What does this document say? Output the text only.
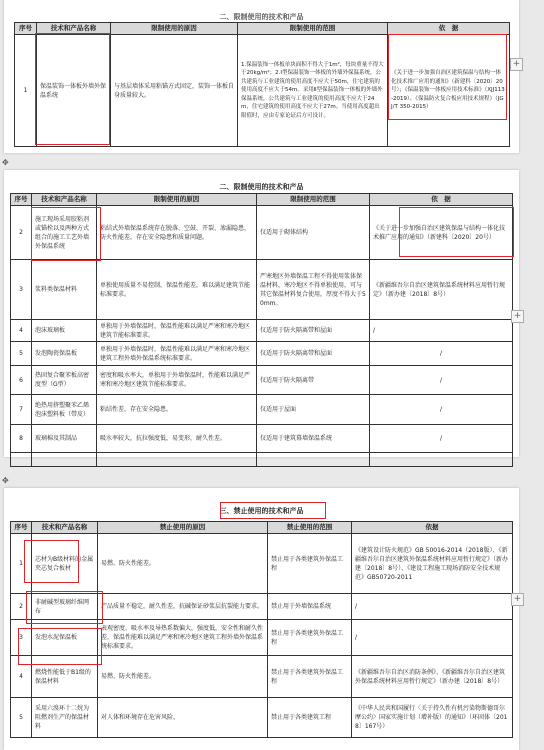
二、限制使用的技术和产品
序号	技术和产品名称	限制使用的原因	限制使用的范围	依　据
1	保温装饰一体板外墙外保温系统	与基层墙体采用粘锚方式固定，装饰一体板自身质量较大。	1.保温装饰一体板单块面积不得大于1m²，每块重量不得大于20kg/m²；2.Ⅰ型保温装饰一体板的外墙外保温系统，公共建筑与工业建筑的使用高度不应大于50m，住宅建筑的使用高度不应大于54m。采用Ⅱ型保温装饰一体板的外墙外保温系统，公共建筑与工业建筑的使用高度不应大于24m，住宅建筑的使用高度不应大于27m。当使用高度超出限值时，应由专家论证后方可设计。	《关于进一步加强自治区建筑保温与结构一体化技术推广应用的通知》（新建科〔2020〕20号）；《保温装饰一体板应用技术标准》（XJJ113-2019）、《保温防火复合板应用技术规程》（JGJ/T 350-2015）
+
✥
二、限制使用的技术和产品
序号	技术和产品名称	限制使用的原因	限制使用的范围	依　据
2	施工现场采用胶粘剂或锚栓以及两种方式组合的施工工艺外墙外保温系统	粘结式外墙保温系统存在脱落、空鼓、开裂、渗漏隐患，防火性能差，存在安全隐患和质量问题。	仅适用于砌体结构	《关于进一步加强自治区建筑保温与结构一体化技术推广应用的通知》（新建科〔2020〕20号）
3	浆料类保温材料	单独使用质量不易控制，保温性能差，难以满足建筑节能标准要求。	严寒地区外墙保温工程不得使用浆体保温材料，寒冷地区不得单独使用，可与其它保温材料复合使用，厚度不得大于50mm。	《新疆维吾尔自治区建筑保温系统材料应用暂行规定》（新办建〔2018〕8号）
4	泡沫玻璃板	单独用于外墙保温时，保温性能难以满足严寒和寒冷地区建筑节能标准要求。	仅适用于防火隔离带和屋面	/
5	发泡陶瓷保温板	单独用于外墙保温时，保温性能难以满足严寒和寒冷地区建筑工程外墙外保温系统标准要求。	仅适用于防火隔离带和屋面	/
6	热固复合聚苯板高密度型（G型）	密度和吸水率大，单独用于外墙保温时，性能难以满足严寒和寒冷地区建筑节能标准要求。	仅适用于防火隔离带	/
7	绝热用挤塑聚苯乙烯泡沫塑料板（带皮）	粘结性差，存在安全隐患。	仅适用于屋面	/
8	玻璃棉及其制品	吸水率较大，抗拉强度低，易变形，耐久性差。	仅适用于建筑幕墙保温系统	/

+
✥
三、禁止使用的技术和产品
序号	技术和产品名称	禁止使用的原因	禁止使用的范围	依据
1	芯材为B级材料的金属夹芯复合板材	易燃、防火性能差。	禁止用于各类建筑外保温工程	《建筑设计防火规范》GB 50016-2014（2018版）、《新疆维吾尔自治区建筑外保温系统材料应用暂行规定》（新办建〔2018〕8号）、《建设工程施工现场消防安全技术规范》GB50720-2011
2	非耐碱型玻璃纤维网布	产品质量不稳定，耐久性差，抗碱保证砂浆层抗裂能力要求。	禁止用于外墙保温系统	/
3	发泡水泥保温板	表观密度、吸水率及导热系数偏大，强度低，安全性和耐久性差，保温性能难以满足严寒和寒冷地区建筑工程外墙外保温系统标准要求。	禁止用于各类建筑外保温工程	/
4	燃烧性能低于B1级的保温材料	易燃、防火性能差。	禁止用于各类建筑外保温工程	《新疆维吾尔自治区消防条例》、《新疆维吾尔自治区建筑外保温系统材料应用暂行规定》（新办建〔2018〕8号）
5	采用六溴环十二烷为阻燃剂生产的保温材料	对人体和环境存在危害风险。	禁止用于各类建筑工程	《中华人民共和国履行〈关于持久性有机污染物斯德哥尔摩公约〉国家实施计划（增补版）的通知》（环固体〔2018〕167号）
+
